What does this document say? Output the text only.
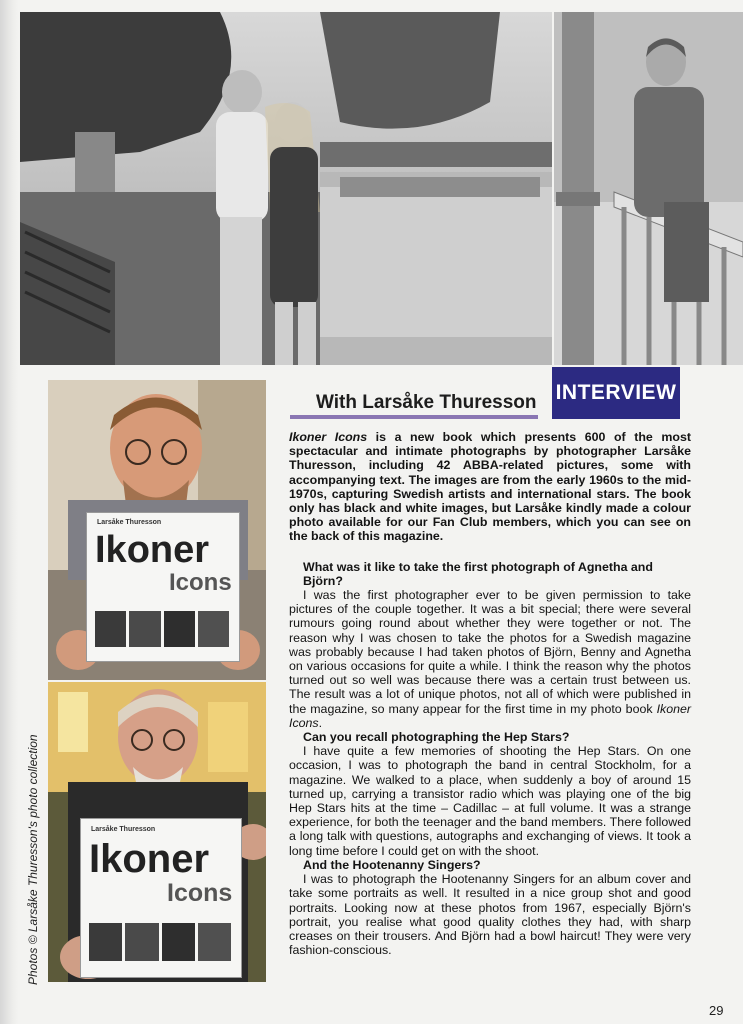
Larsåke Thuresson
Ikoner
Icons
Larsåke Thuresson
Ikoner
Icons
Photos © Larsåke Thuresson's photo collection
With Larsåke Thuresson INTERVIEW

Ikoner Icons is a new book which presents 600 of the most spectacular and intimate photographs by photographer Larsåke Thuresson, including 42 ABBA-related pictures, some with accompanying text. The images are from the early 1960s to the mid-1970s, capturing Swedish artists and international stars. The book only has black and white images, but Larsåke kindly made a colour photo available for our Fan Club members, which you can see on the back of this magazine.

What was it like to take the first photograph of Agnetha and Björn?

I was the first photographer ever to be given permission to take pictures of the couple together. It was a bit special; there were several rumours going round about whether they were together or not. The reason why I was chosen to take the photos for a Swedish magazine was probably because I had taken photos of Björn, Benny and Agnetha on various occasions for quite a while. I think the reason why the photos turned out so well was because there was a certain trust between us. The result was a lot of unique photos, not all of which were published in the magazine, so many appear for the first time in my photo book Ikoner Icons.

Can you recall photographing the Hep Stars?

I have quite a few memories of shooting the Hep Stars. On one occasion, I was to photograph the band in central Stockholm, for a magazine. We walked to a place, when suddenly a boy of around 15 turned up, carrying a transistor radio which was playing one of the big Hep Stars hits at the time – Cadillac – at full volume. It was a strange experience, for both the teenager and the band members. There followed a long talk with questions, autographs and exchanging of views. It took a long time before I could get on with the shoot.

And the Hootenanny Singers?

I was to photograph the Hootenanny Singers for an album cover and take some portraits as well. It resulted in a nice group shot and good portraits. Looking now at these photos from 1967, especially Björn's portrait, you realise what good quality clothes they had, with sharp creases on their trousers. And Björn had a bowl haircut! They were very fashion-conscious.

29
